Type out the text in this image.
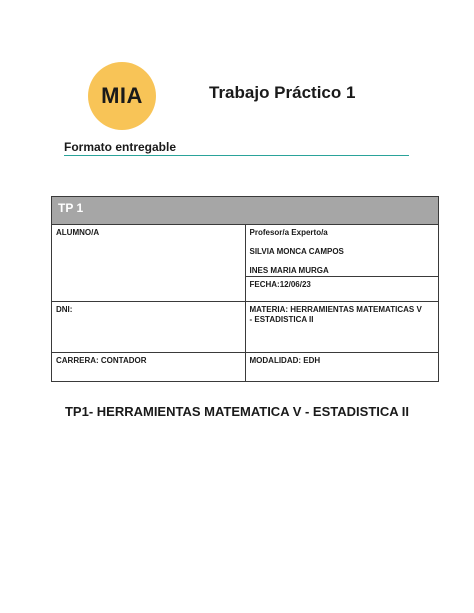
MIA	Trabajo Práctico 1
Formato entregable
TP 1	

ALUMNO/A	Profesor/a Experto/a
SILVIA MONCA CAMPOS
INES MARIA MURGA

	FECHA:12/06/23

DNI:	MATERIA: HERRAMIENTAS MATEMATICAS V
- ESTADISTICA II

CARRERA: CONTADOR	MODALIDAD: EDH
TP1- HERRAMIENTAS MATEMATICA V - ESTADISTICA II
